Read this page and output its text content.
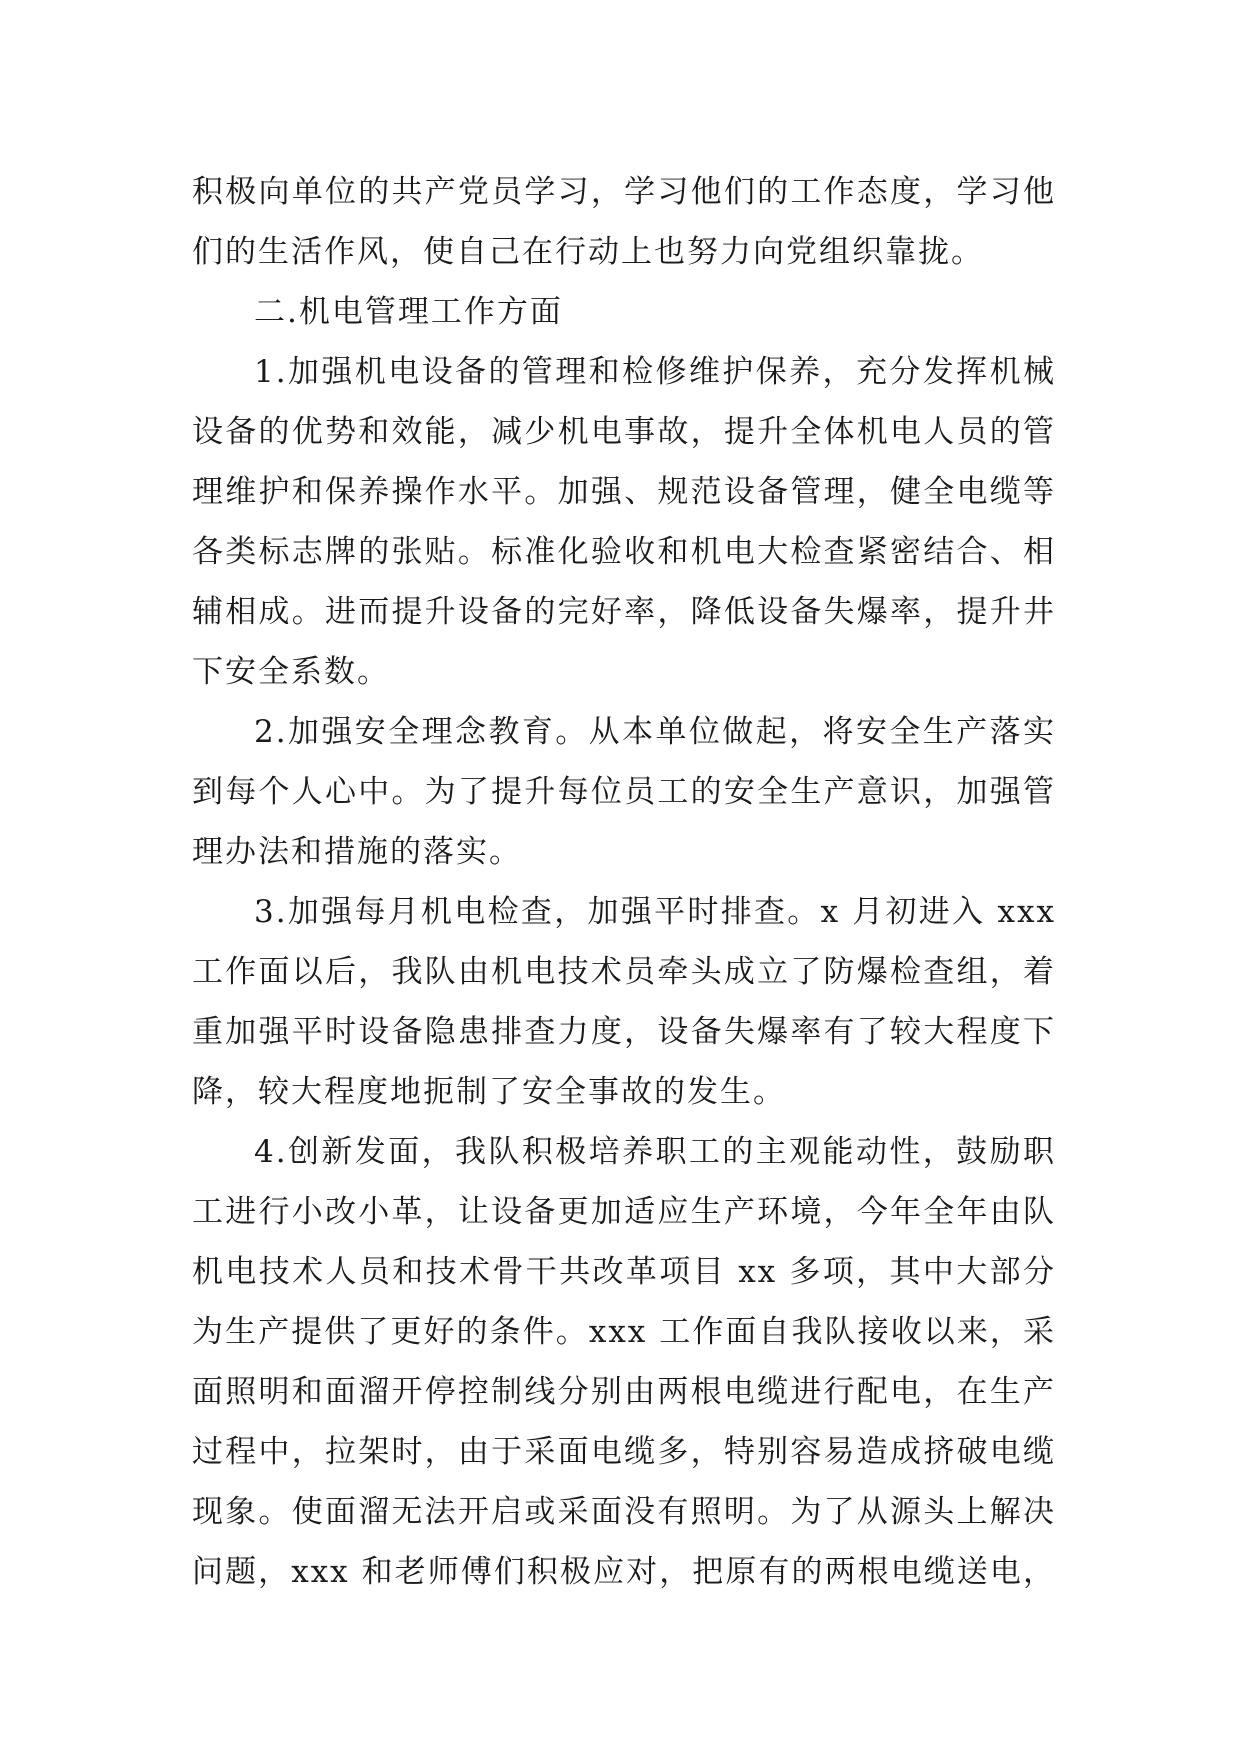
积极向单位的共产党员学习，学习他们的工作态度，学习他
们的生活作风，使自己在行动上也努力向党组织靠拢。
二.机电管理工作方面
1.加强机电设备的管理和检修维护保养，充分发挥机械
设备的优势和效能，减少机电事故，提升全体机电人员的管
理维护和保养操作水平。加强、规范设备管理，健全电缆等
各类标志牌的张贴。标准化验收和机电大检查紧密结合、相
辅相成。进而提升设备的完好率，降低设备失爆率，提升井
下安全系数。
2.加强安全理念教育。从本单位做起，将安全生产落实
到每个人心中。为了提升每位员工的安全生产意识，加强管
理办法和措施的落实。
3.加强每月机电检查，加强平时排查。x 月初进入 xxx
工作面以后，我队由机电技术员牵头成立了防爆检查组，着
重加强平时设备隐患排查力度，设备失爆率有了较大程度下
降，较大程度地扼制了安全事故的发生。
4.创新发面，我队积极培养职工的主观能动性，鼓励职
工进行小改小革，让设备更加适应生产环境，今年全年由队
机电技术人员和技术骨干共改革项目 xx 多项，其中大部分
为生产提供了更好的条件。xxx 工作面自我队接收以来，采
面照明和面溜开停控制线分别由两根电缆进行配电，在生产
过程中，拉架时，由于采面电缆多，特别容易造成挤破电缆
现象。使面溜无法开启或采面没有照明。为了从源头上解决
问题，xxx 和老师傅们积极应对，把原有的两根电缆送电，
